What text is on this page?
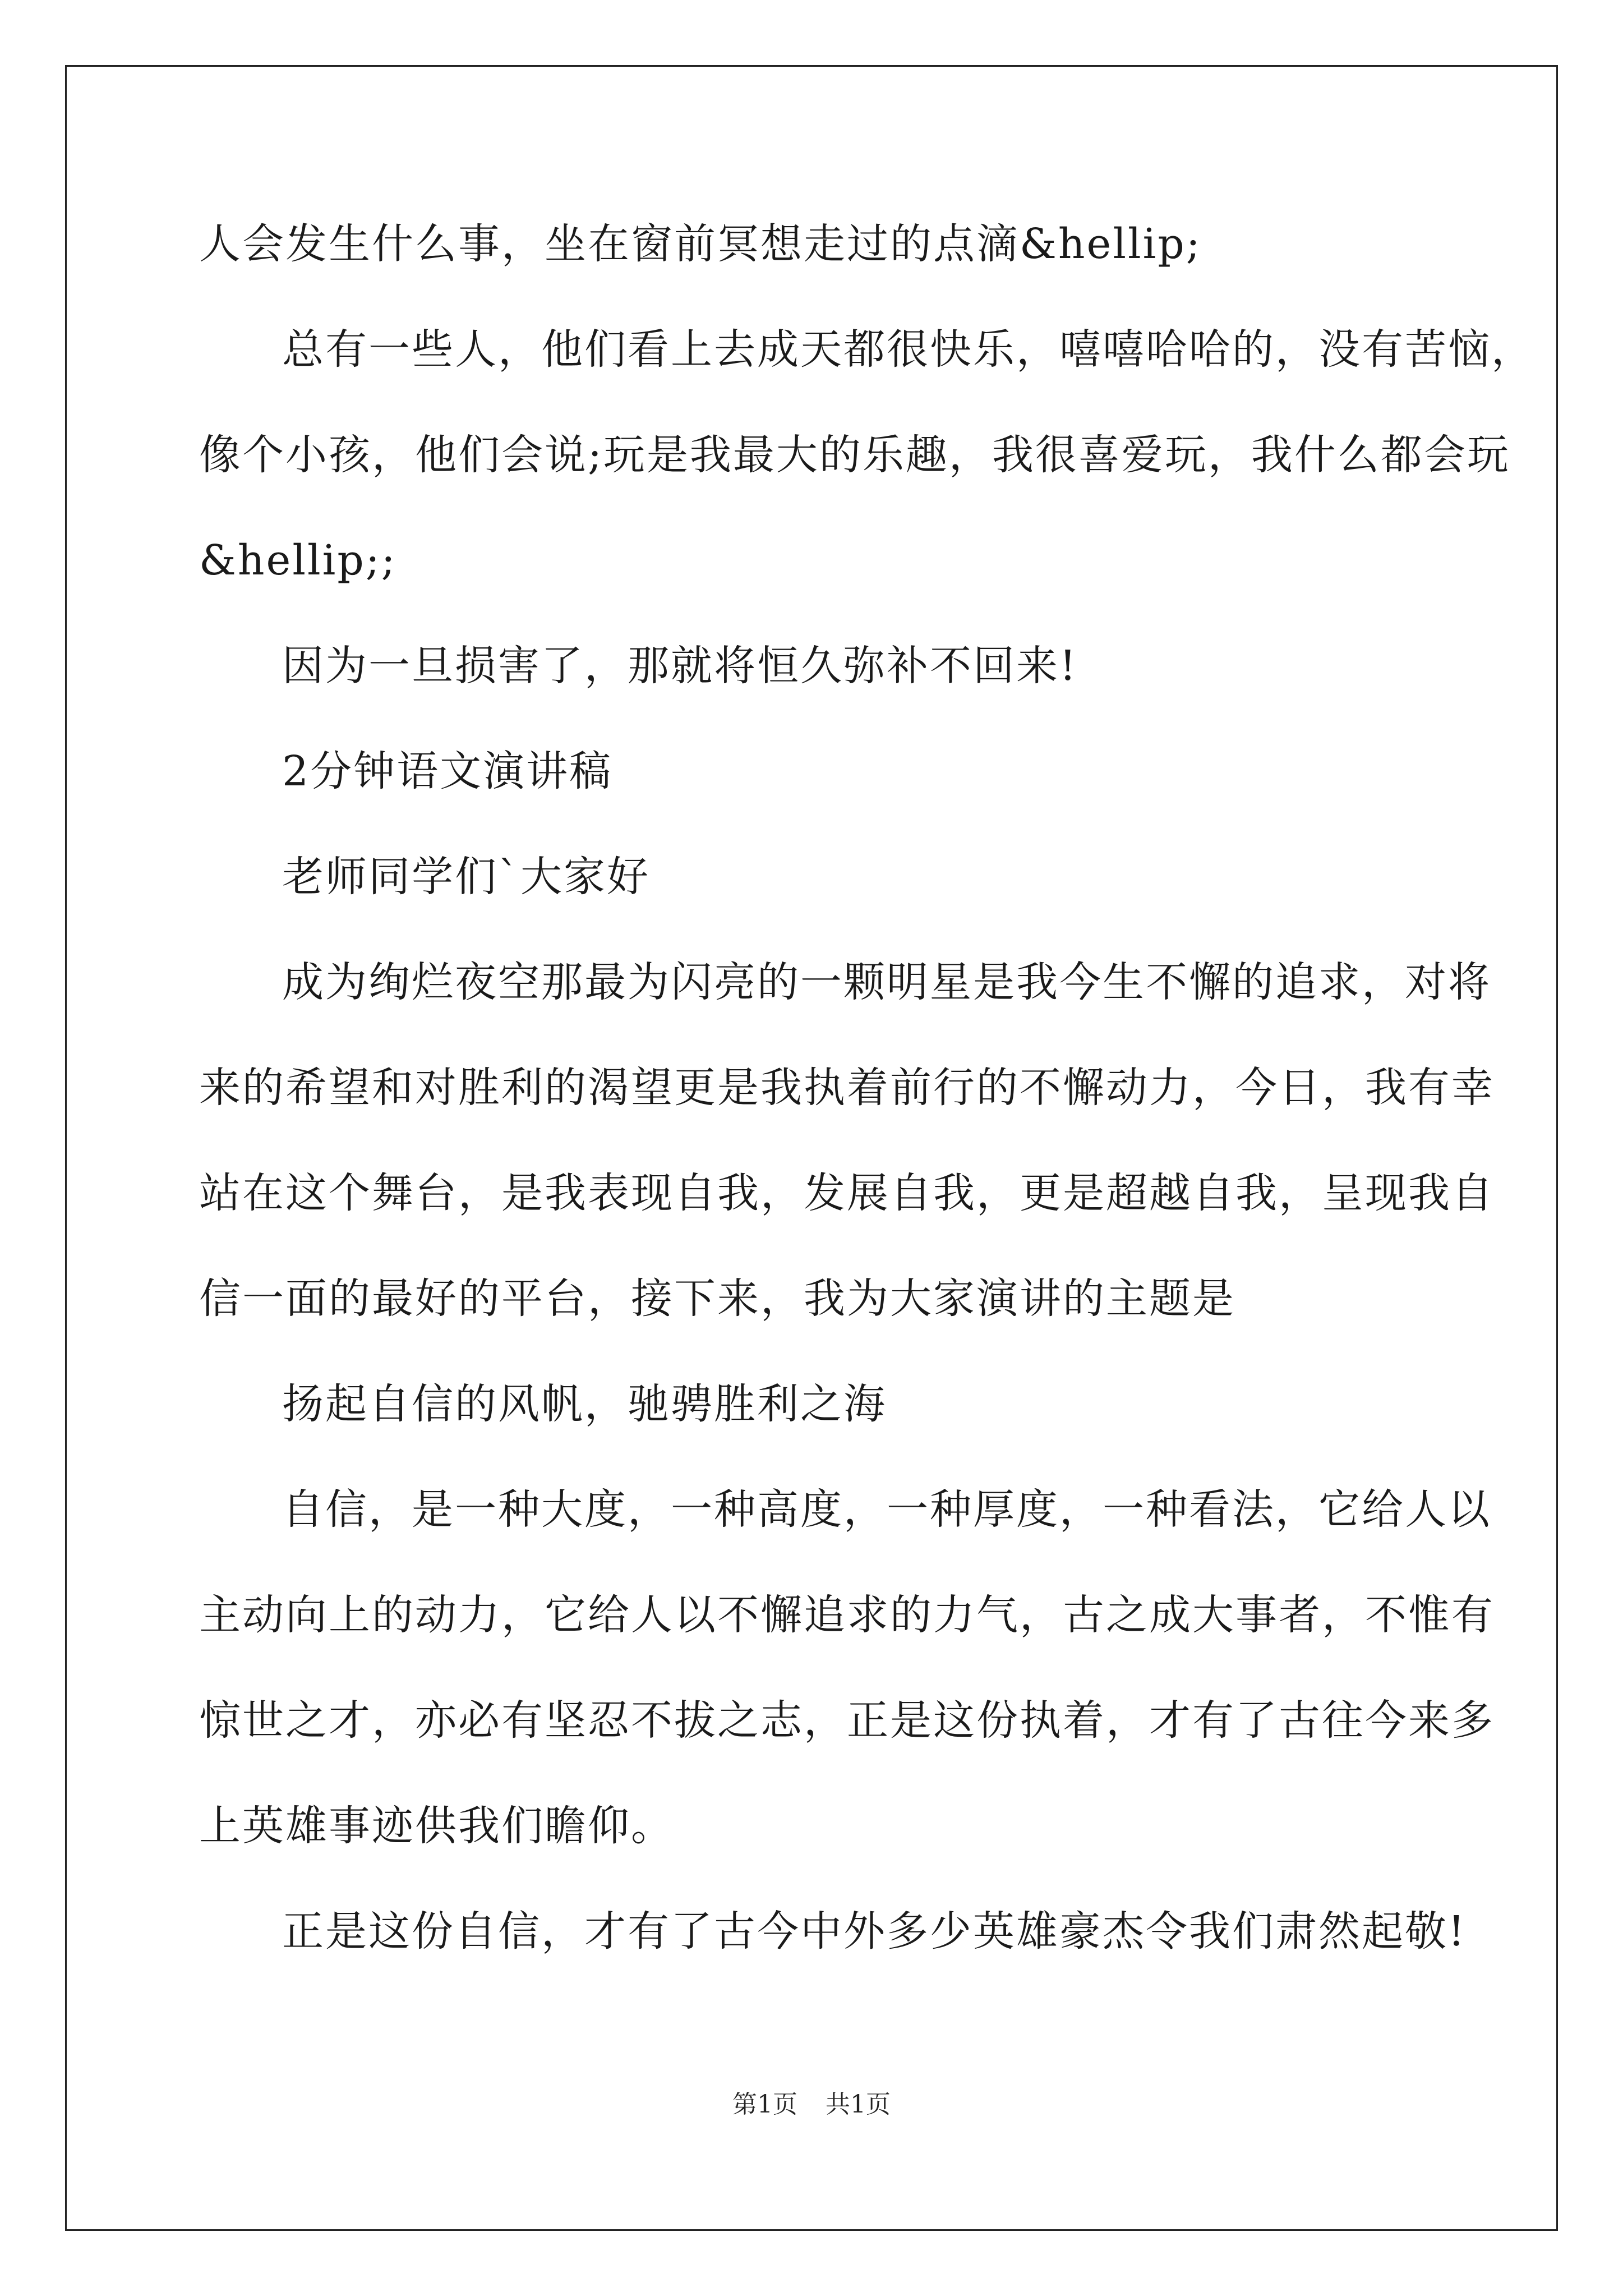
人会发生什么事，坐在窗前冥想走过的点滴&hellip;
总有一些人，他们看上去成天都很快乐，嘻嘻哈哈的，没有苦恼，
像个小孩，他们会说;玩是我最大的乐趣，我很喜爱玩，我什么都会玩
&hellip;;
因为一旦损害了，那就将恒久弥补不回来!
2分钟语文演讲稿
老师同学们`大家好
成为绚烂夜空那最为闪亮的一颗明星是我今生不懈的追求，对将
来的希望和对胜利的渴望更是我执着前行的不懈动力，今日，我有幸
站在这个舞台，是我表现自我，发展自我，更是超越自我，呈现我自
信一面的最好的平台，接下来，我为大家演讲的主题是
扬起自信的风帆，驰骋胜利之海
自信，是一种大度，一种高度，一种厚度，一种看法，它给人以
主动向上的动力，它给人以不懈追求的力气，古之成大事者，不惟有
惊世之才，亦必有坚忍不拔之志，正是这份执着，才有了古往今来多
上英雄事迹供我们瞻仰。
正是这份自信，才有了古今中外多少英雄豪杰令我们肃然起敬!
第1页 共1页
